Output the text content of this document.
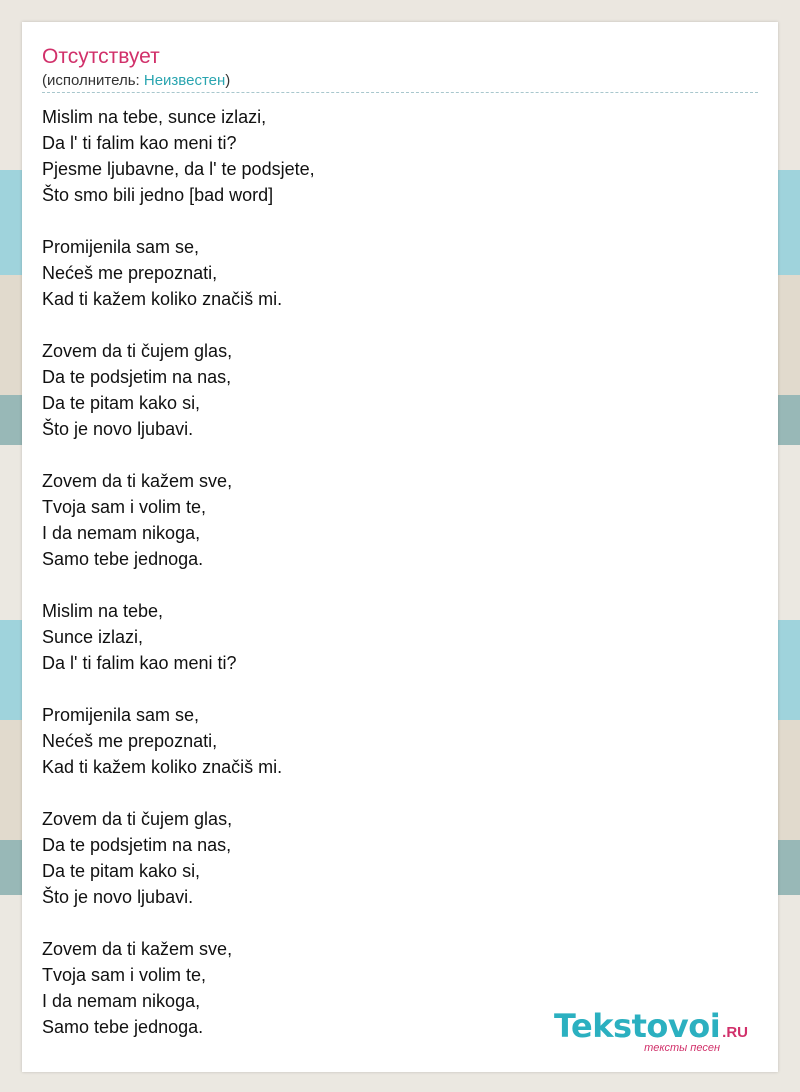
Отсутствует
(исполнитель: Неизвестен)
Mislim na tebe, sunce izlazi,
Da l' ti falim kao meni ti?
Pjesme ljubavne, da l' te podsjete,
Što smo bili jedno [bad word]
Promijenila sam se,
Nećeš me prepoznati,
Kad ti kažem koliko značiš mi.
Zovem da ti čujem glas,
Da te podsjetim na nas,
Da te pitam kako si,
Što je novo ljubavi.
Zovem da ti kažem sve,
Tvoja sam i volim te,
I da nemam nikoga,
Samo tebe jednoga.
Mislim na tebe,
Sunce izlazi,
Da l' ti falim kao meni ti?
Promijenila sam se,
Nećeš me prepoznati,
Kad ti kažem koliko značiš mi.
Zovem da ti čujem glas,
Da te podsjetim na nas,
Da te pitam kako si,
Što je novo ljubavi.
Zovem da ti kažem sve,
Tvoja sam i volim te,
I da nemam nikoga,
Samo tebe jednoga.	Tekstovoi .RU
тексты песен
